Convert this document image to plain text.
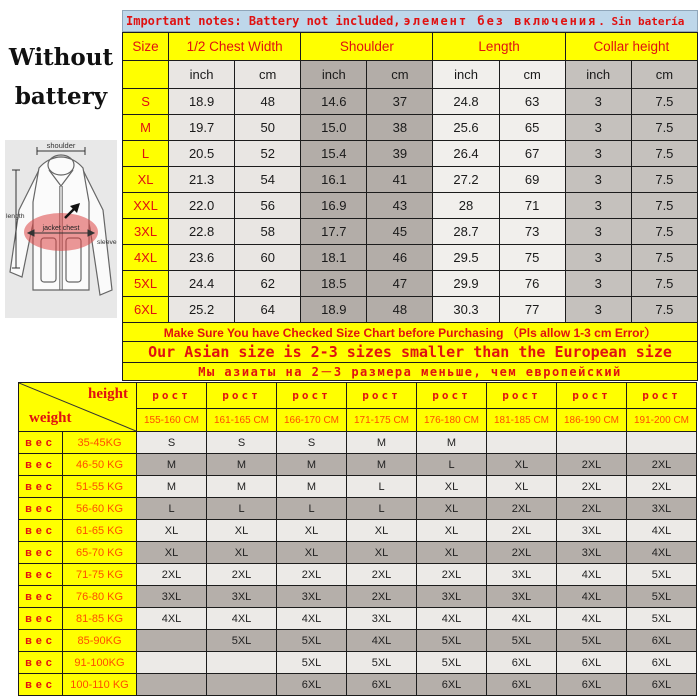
Without
battery
shoulder
length
jacket chest
sleeve
Important notes: Battery not included, элемент без включения . Sin batería
Size	1/2 Chest Width		Shoulder		Length		Collar height	
	inch	cm	inch	cm	inch	cm	inch	cm
S	18.9	48	14.6	37	24.8	63	3	7.5
M	19.7	50	15.0	38	25.6	65	3	7.5
L	20.5	52	15.4	39	26.4	67	3	7.5
XL	21.3	54	16.1	41	27.2	69	3	7.5
XXL	22.0	56	16.9	43	28	71	3	7.5
3XL	22.8	58	17.7	45	28.7	73	3	7.5
4XL	23.6	60	18.1	46	29.5	75	3	7.5
5XL	24.4	62	18.5	47	29.9	76	3	7.5
6XL	25.2	64	18.9	48	30.3	77	3	7.5
Make Sure You have Checked Size Chart before Purchasing （Pls allow 1-3 cm Error）								
Our Asian size is 2-3 sizes smaller than the European size								
Мы азиаты на 2－3 размера меньше, чем европейский								
height
weight		рост	рост	рост	рост	рост	рост	рост	рост
		155-160 CM	161-165 CM	166-170 CM	171-175 CM	176-180 CM	181-185 CM	186-190 CM	191-200 CM
вес	35-45KG	S	S	S	M	M			
вес	46-50 KG	M	M	M	M	L	XL	2XL	2XL
вес	51-55 KG	M	M	M	L	XL	XL	2XL	2XL
вес	56-60 KG	L	L	L	L	XL	2XL	2XL	3XL
вес	61-65 KG	XL	XL	XL	XL	XL	2XL	3XL	4XL
вес	65-70 KG	XL	XL	XL	XL	XL	2XL	3XL	4XL
вес	71-75 KG	2XL	2XL	2XL	2XL	2XL	3XL	4XL	5XL
вес	76-80 KG	3XL	3XL	3XL	2XL	3XL	3XL	4XL	5XL
вес	81-85 KG	4XL	4XL	4XL	3XL	4XL	4XL	4XL	5XL
вес	85-90KG		5XL	5XL	4XL	5XL	5XL	5XL	6XL
вес	91-100KG			5XL	5XL	5XL	6XL	6XL	6XL
вес	100-110 KG			6XL	6XL	6XL	6XL	6XL	6XL
